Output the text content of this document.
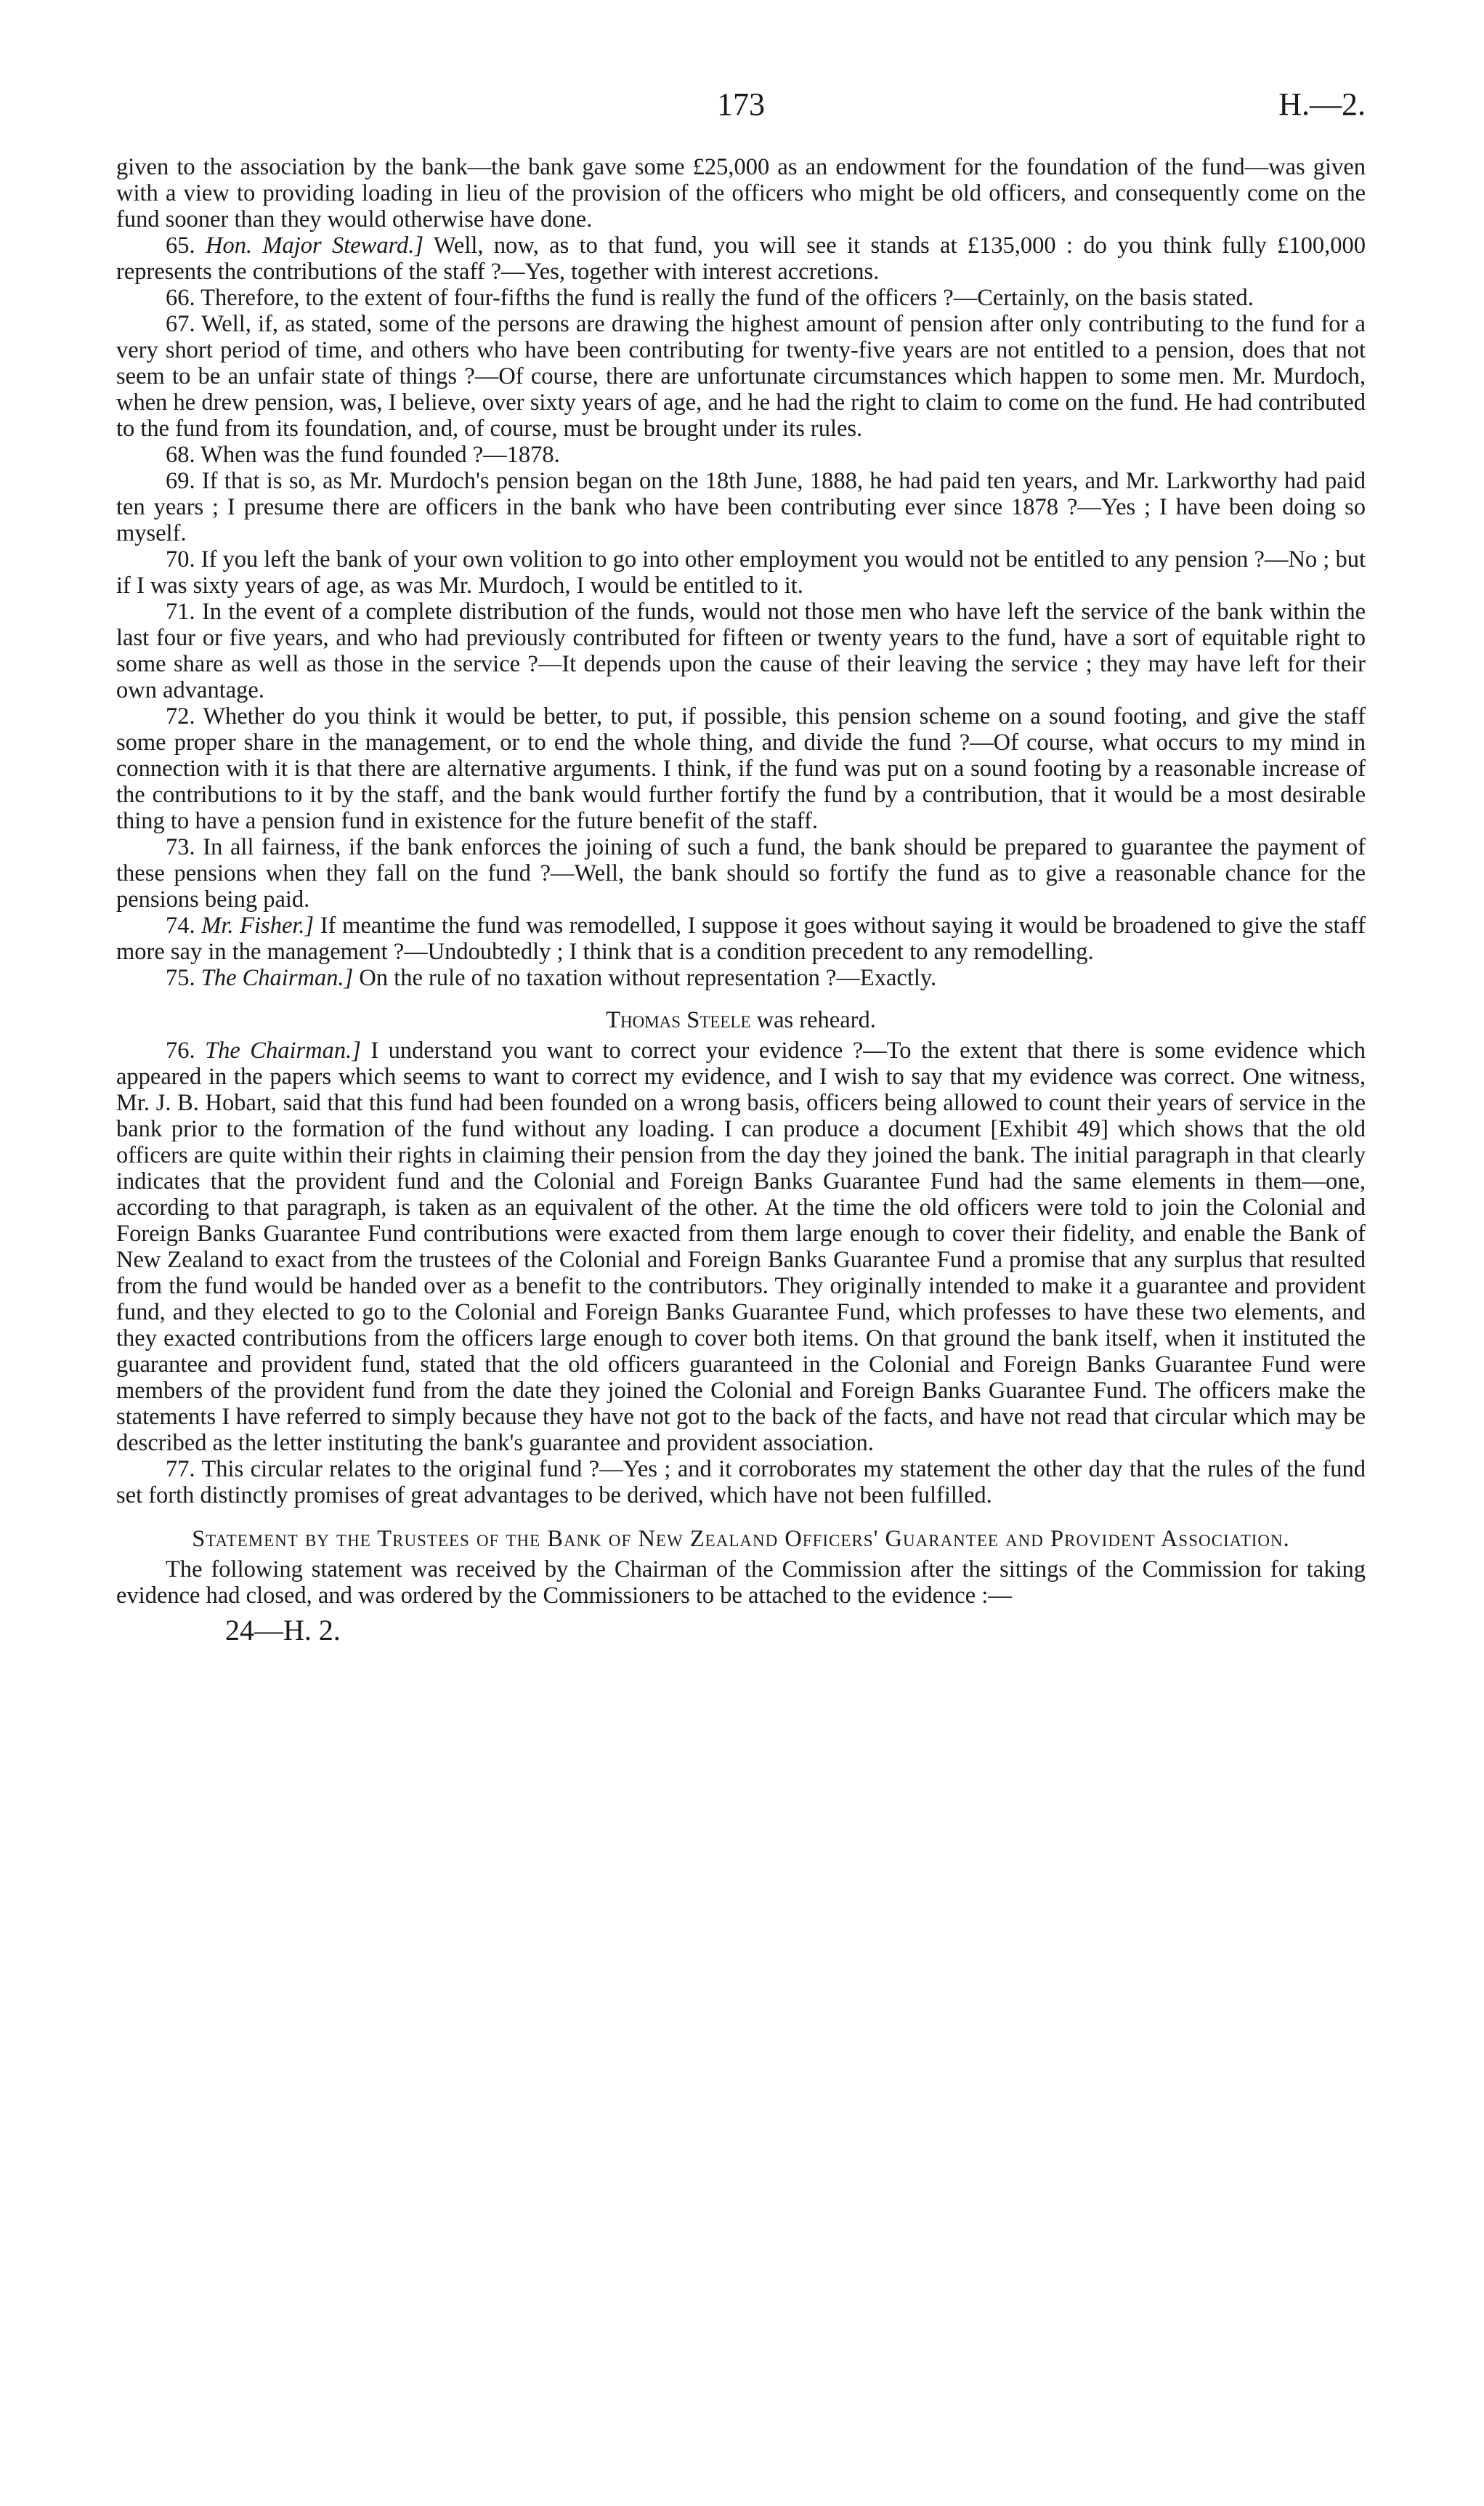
173	H.—2.

given to the association by the bank—the bank gave some £25,000 as an endowment for the foundation of the fund—was given with a view to providing loading in lieu of the provision of the officers who might be old officers, and consequently come on the fund sooner than they would otherwise have done.

65. Hon. Major Steward.] Well, now, as to that fund, you will see it stands at £135,000 : do you think fully £100,000 represents the contributions of the staff ?—Yes, together with interest accretions.

66. Therefore, to the extent of four-fifths the fund is really the fund of the officers ?—Certainly, on the basis stated.

67. Well, if, as stated, some of the persons are drawing the highest amount of pension after only contributing to the fund for a very short period of time, and others who have been contributing for twenty-five years are not entitled to a pension, does that not seem to be an unfair state of things ?—Of course, there are unfortunate circumstances which happen to some men. Mr. Murdoch, when he drew pension, was, I believe, over sixty years of age, and he had the right to claim to come on the fund. He had contributed to the fund from its foundation, and, of course, must be brought under its rules.

68. When was the fund founded ?—1878.

69. If that is so, as Mr. Murdoch's pension began on the 18th June, 1888, he had paid ten years, and Mr. Larkworthy had paid ten years ; I presume there are officers in the bank who have been contributing ever since 1878 ?—Yes ; I have been doing so myself.

70. If you left the bank of your own volition to go into other employment you would not be entitled to any pension ?—No ; but if I was sixty years of age, as was Mr. Murdoch, I would be entitled to it.

71. In the event of a complete distribution of the funds, would not those men who have left the service of the bank within the last four or five years, and who had previously contributed for fifteen or twenty years to the fund, have a sort of equitable right to some share as well as those in the service ?—It depends upon the cause of their leaving the service ; they may have left for their own advantage.

72. Whether do you think it would be better, to put, if possible, this pension scheme on a sound footing, and give the staff some proper share in the management, or to end the whole thing, and divide the fund ?—Of course, what occurs to my mind in connection with it is that there are alternative arguments. I think, if the fund was put on a sound footing by a reasonable increase of the contributions to it by the staff, and the bank would further fortify the fund by a contribution, that it would be a most desirable thing to have a pension fund in existence for the future benefit of the staff.

73. In all fairness, if the bank enforces the joining of such a fund, the bank should be prepared to guarantee the payment of these pensions when they fall on the fund ?—Well, the bank should so fortify the fund as to give a reasonable chance for the pensions being paid.

74. Mr. Fisher.] If meantime the fund was remodelled, I suppose it goes without saying it would be broadened to give the staff more say in the management ?—Undoubtedly ; I think that is a condition precedent to any remodelling.

75. The Chairman.] On the rule of no taxation without representation ?—Exactly.

Thomas Steele was reheard.

76. The Chairman.] I understand you want to correct your evidence ?—To the extent that there is some evidence which appeared in the papers which seems to want to correct my evidence, and I wish to say that my evidence was correct. One witness, Mr. J. B. Hobart, said that this fund had been founded on a wrong basis, officers being allowed to count their years of service in the bank prior to the formation of the fund without any loading. I can produce a document [Exhibit 49] which shows that the old officers are quite within their rights in claiming their pension from the day they joined the bank. The initial paragraph in that clearly indicates that the provident fund and the Colonial and Foreign Banks Guarantee Fund had the same elements in them—one, according to that paragraph, is taken as an equivalent of the other. At the time the old officers were told to join the Colonial and Foreign Banks Guarantee Fund contributions were exacted from them large enough to cover their fidelity, and enable the Bank of New Zealand to exact from the trustees of the Colonial and Foreign Banks Guarantee Fund a promise that any surplus that resulted from the fund would be handed over as a benefit to the contributors. They originally intended to make it a guarantee and provident fund, and they elected to go to the Colonial and Foreign Banks Guarantee Fund, which professes to have these two elements, and they exacted contributions from the officers large enough to cover both items. On that ground the bank itself, when it instituted the guarantee and provident fund, stated that the old officers guaranteed in the Colonial and Foreign Banks Guarantee Fund were members of the provident fund from the date they joined the Colonial and Foreign Banks Guarantee Fund. The officers make the statements I have referred to simply because they have not got to the back of the facts, and have not read that circular which may be described as the letter instituting the bank's guarantee and provident association.

77. This circular relates to the original fund ?—Yes ; and it corroborates my statement the other day that the rules of the fund set forth distinctly promises of great advantages to be derived, which have not been fulfilled.

Statement by the Trustees of the Bank of New Zealand Officers' Guarantee and Provident Association.

The following statement was received by the Chairman of the Commission after the sittings of the Commission for taking evidence had closed, and was ordered by the Commissioners to be attached to the evidence :—

24—H. 2.
